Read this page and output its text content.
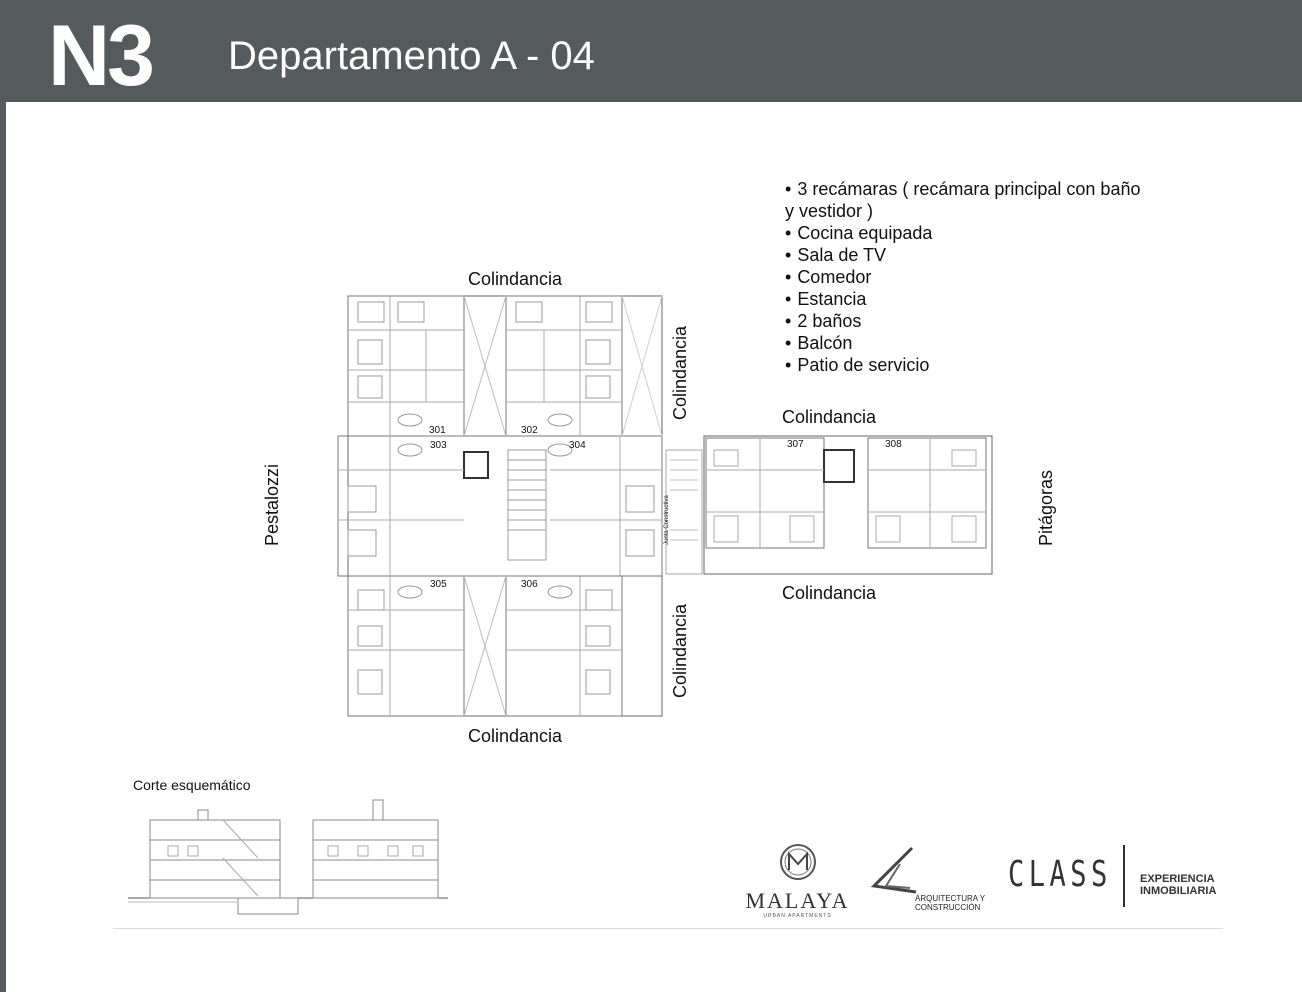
N3 Departamento A - 04
• 3 recámaras ( recámara principal con baño y vestidor )
• Cocina equipada
• Sala de TV
• Comedor
• Estancia
• 2 baños
• Balcón
• Patio de servicio
Colindancia
Colindancia
Colindancia
Colindancia
Colindancia
Colindancia
Pestalozzi	Pitágoras
301	302
303	304
305	306
307	308
Junta Constructiva
Corte esquemático
MALAYA
URBAN APARTMENTS
ARQUITECTURA Y
CONSTRUCCIÓN
CLASS	EXPERIENCIA
INMOBILIARIA
